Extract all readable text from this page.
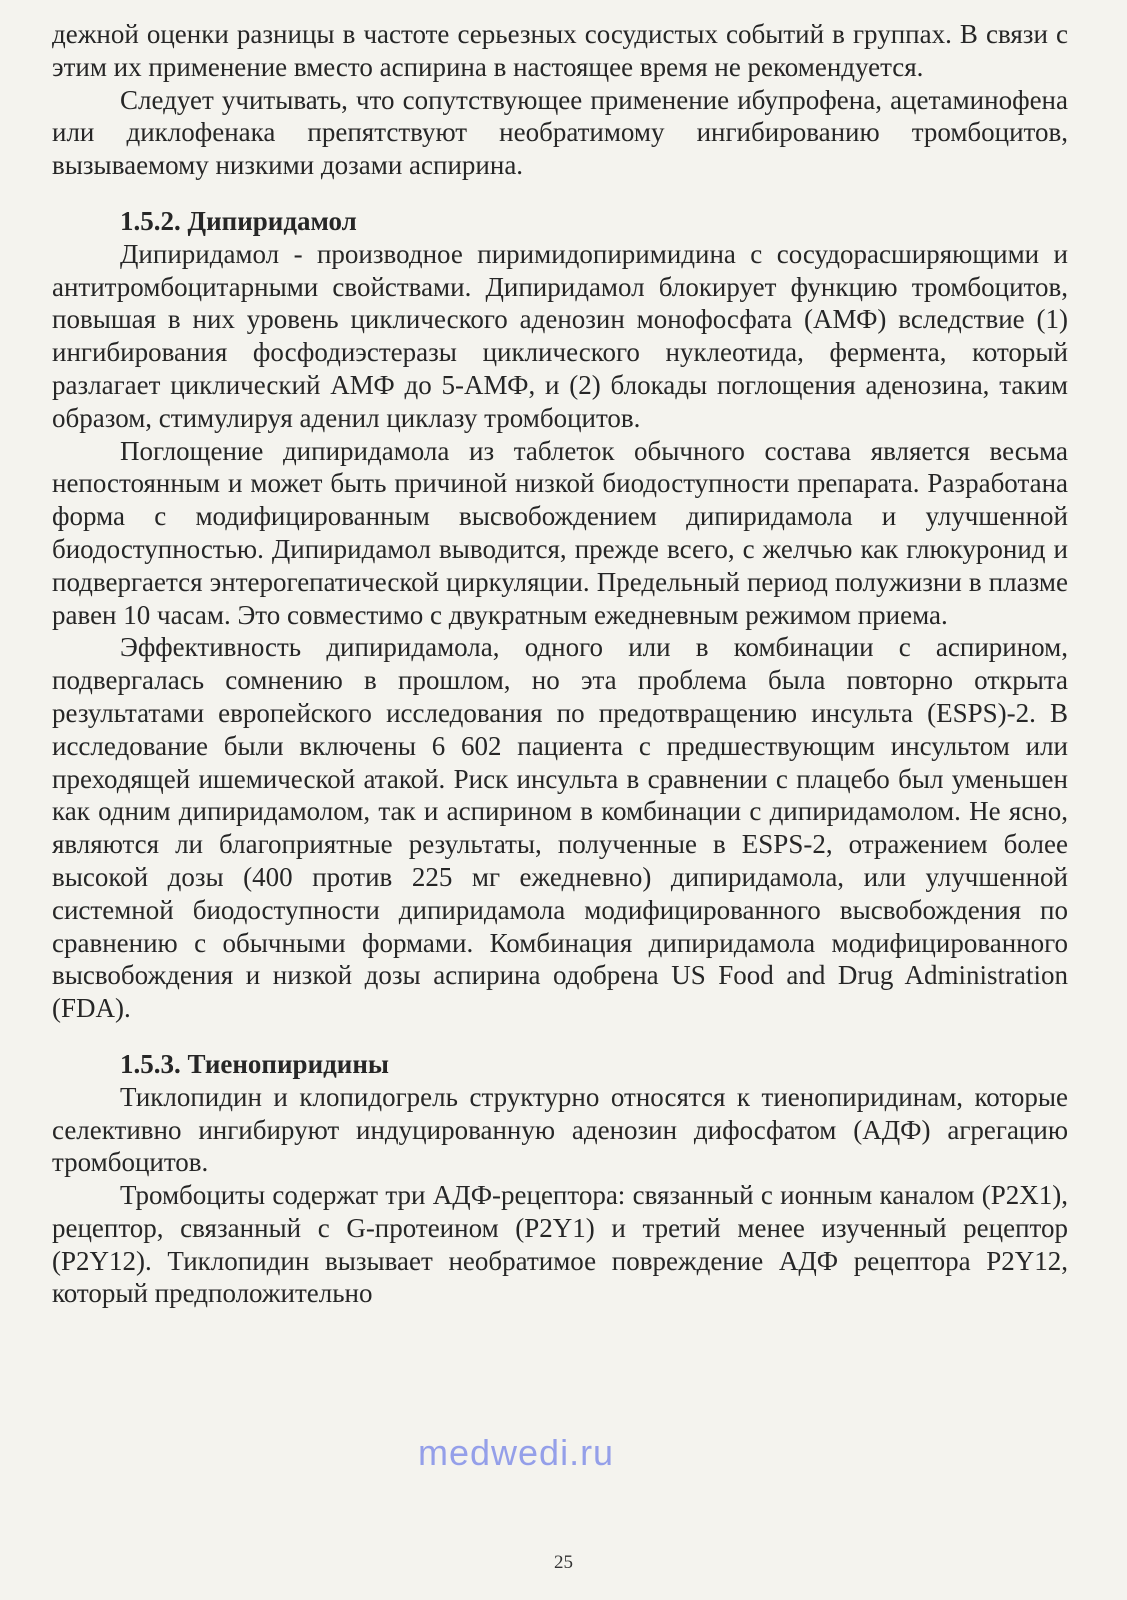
дежной оценки разницы в частоте серьезных сосудистых событий в группах. В связи с этим их применение вместо аспирина в настоящее время не рекомендуется.

Следует учитывать, что сопутствующее применение ибупрофена, ацетаминофена или диклофенака препятствуют необратимому ингибированию тромбоцитов, вызываемому низкими дозами аспирина.

1.5.2. Дипиридамол

Дипиридамол - производное пиримидопиримидина с сосудорасширяющими и антитромбоцитарными свойствами. Дипиридамол блокирует функцию тромбоцитов, повышая в них уровень циклического аденозин монофосфата (АМФ) вследствие (1) ингибирования фосфодиэстеразы циклического нуклеотида, фермента, который разлагает циклический АМФ до 5-АМФ, и (2) блокады поглощения аденозина, таким образом, стимулируя аденил циклазу тромбоцитов.

Поглощение дипиридамола из таблеток обычного состава является весьма непостоянным и может быть причиной низкой биодоступности препарата. Разработана форма с модифицированным высвобождением дипиридамола и улучшенной биодоступностью. Дипиридамол выводится, прежде всего, с желчью как глюкуронид и подвергается энтерогепатической циркуляции. Предельный период полужизни в плазме равен 10 часам. Это совместимо с двукратным ежедневным режимом приема.

Эффективность дипиридамола, одного или в комбинации с аспирином, подвергалась сомнению в прошлом, но эта проблема была повторно открыта результатами европейского исследования по предотвращению инсульта (ESPS)-2. В исследование были включены 6 602 пациента с предшествующим инсультом или преходящей ишемической атакой. Риск инсульта в сравнении с плацебо был уменьшен как одним дипиридамолом, так и аспирином в комбинации с дипиридамолом. Не ясно, являются ли благоприятные результаты, полученные в ESPS-2, отражением более высокой дозы (400 против 225 мг ежедневно) дипиридамола, или улучшенной системной биодоступности дипиридамола модифицированного высвобождения по сравнению с обычными формами. Комбинация дипиридамола модифицированного высвобождения и низкой дозы аспирина одобрена US Food and Drug Administration (FDA).

1.5.3. Тиенопиридины

Тиклопидин и клопидогрель структурно относятся к тиенопиридинам, которые селективно ингибируют индуцированную аденозин дифосфатом (АДФ) агрегацию тромбоцитов.

Тромбоциты содержат три АДФ-рецептора: связанный с ионным каналом (Р2Х1), рецептор, связанный с G-протеином (Р2Y1) и третий менее изученный рецептор (Р2Y12). Тиклопидин вызывает необратимое повреждение АДФ рецептора Р2Y12, который предположительно

medwedi.ru
25
